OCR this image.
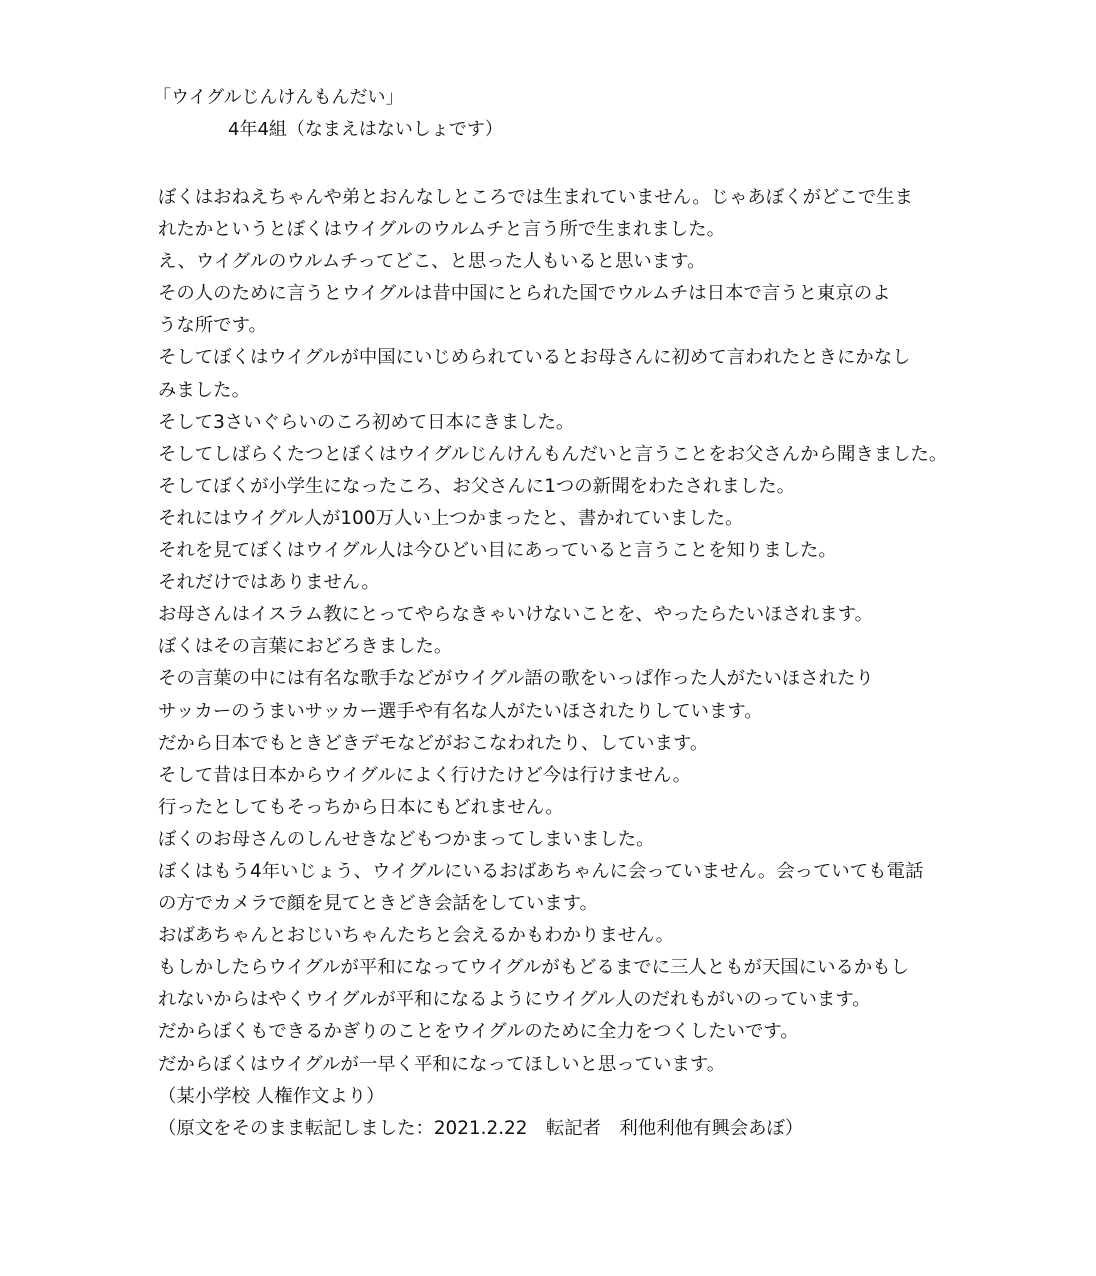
「ウイグルじんけんもんだい」
4年4組（なまえはないしょです）
ぼくはおねえちゃんや弟とおんなしところでは生まれていません。じゃあぼくがどこで生ま
れたかというとぼくはウイグルのウルムチと言う所で生まれました。
え、ウイグルのウルムチってどこ、と思った人もいると思います。
その人のために言うとウイグルは昔中国にとられた国でウルムチは日本で言うと東京のよ
うな所です。
そしてぼくはウイグルが中国にいじめられているとお母さんに初めて言われたときにかなし
みました。
そして3さいぐらいのころ初めて日本にきました。
そしてしばらくたつとぼくはウイグルじんけんもんだいと言うことをお父さんから聞きました。
そしてぼくが小学生になったころ、お父さんに1つの新聞をわたされました。
それにはウイグル人が100万人い上つかまったと、書かれていました。
それを見てぼくはウイグル人は今ひどい目にあっていると言うことを知りました。
それだけではありません。
お母さんはイスラム教にとってやらなきゃいけないことを、やったらたいほされます。
ぼくはその言葉におどろきました。
その言葉の中には有名な歌手などがウイグル語の歌をいっぱ作った人がたいほされたり
サッカーのうまいサッカー選手や有名な人がたいほされたりしています。
だから日本でもときどきデモなどがおこなわれたり、しています。
そして昔は日本からウイグルによく行けたけど今は行けません。
行ったとしてもそっちから日本にもどれません。
ぼくのお母さんのしんせきなどもつかまってしまいました。
ぼくはもう4年いじょう、ウイグルにいるおばあちゃんに会っていません。会っていても電話
の方でカメラで顔を見てときどき会話をしています。
おばあちゃんとおじいちゃんたちと会えるかもわかりません。
もしかしたらウイグルが平和になってウイグルがもどるまでに三人ともが天国にいるかもし
れないからはやくウイグルが平和になるようにウイグル人のだれもがいのっています。
だからぼくもできるかぎりのことをウイグルのために全力をつくしたいです。
だからぼくはウイグルが一早く平和になってほしいと思っています。
（某小学校 人権作文より）
（原文をそのまま転記しました：2021.2.22　転記者　利他利他有興会あぼ）
